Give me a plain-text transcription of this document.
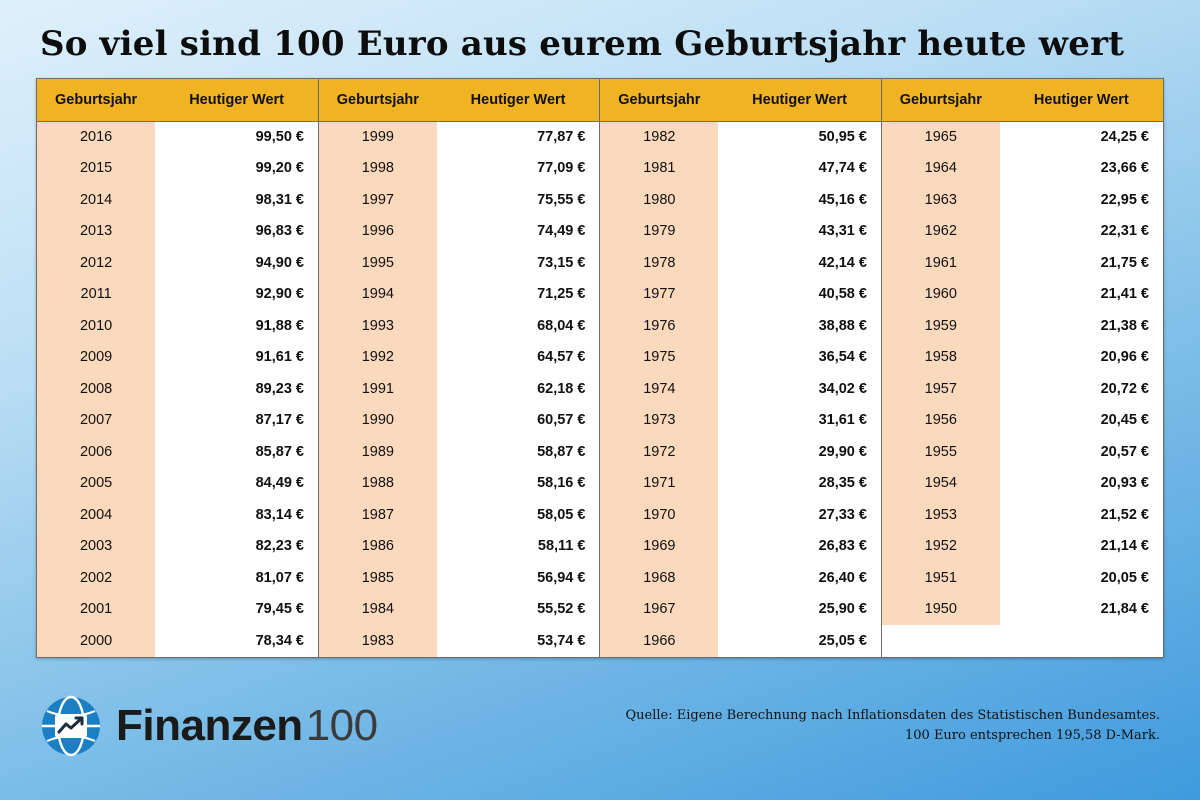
So viel sind 100 Euro aus eurem Geburtsjahr heute wert
Geburtsjahr	Heutiger Wert	Geburtsjahr	Heutiger Wert	Geburtsjahr	Heutiger Wert	Geburtsjahr	Heutiger Wert
2016	99,50 €	1999	77,87 €	1982	50,95 €	1965	24,25 €
2015	99,20 €	1998	77,09 €	1981	47,74 €	1964	23,66 €
2014	98,31 €	1997	75,55 €	1980	45,16 €	1963	22,95 €
2013	96,83 €	1996	74,49 €	1979	43,31 €	1962	22,31 €
2012	94,90 €	1995	73,15 €	1978	42,14 €	1961	21,75 €
2011	92,90 €	1994	71,25 €	1977	40,58 €	1960	21,41 €
2010	91,88 €	1993	68,04 €	1976	38,88 €	1959	21,38 €
2009	91,61 €	1992	64,57 €	1975	36,54 €	1958	20,96 €
2008	89,23 €	1991	62,18 €	1974	34,02 €	1957	20,72 €
2007	87,17 €	1990	60,57 €	1973	31,61 €	1956	20,45 €
2006	85,87 €	1989	58,87 €	1972	29,90 €	1955	20,57 €
2005	84,49 €	1988	58,16 €	1971	28,35 €	1954	20,93 €
2004	83,14 €	1987	58,05 €	1970	27,33 €	1953	21,52 €
2003	82,23 €	1986	58,11 €	1969	26,83 €	1952	21,14 €
2002	81,07 €	1985	56,94 €	1968	26,40 €	1951	20,05 €
2001	79,45 €	1984	55,52 €	1967	25,90 €	1950	21,84 €
2000	78,34 €	1983	53,74 €	1966	25,05 €		
Finanzen 100	Quelle: Eigene Berechnung nach Inflationsdaten des Statistischen Bundesamtes.
100 Euro entsprechen 195,58 D-Mark.
